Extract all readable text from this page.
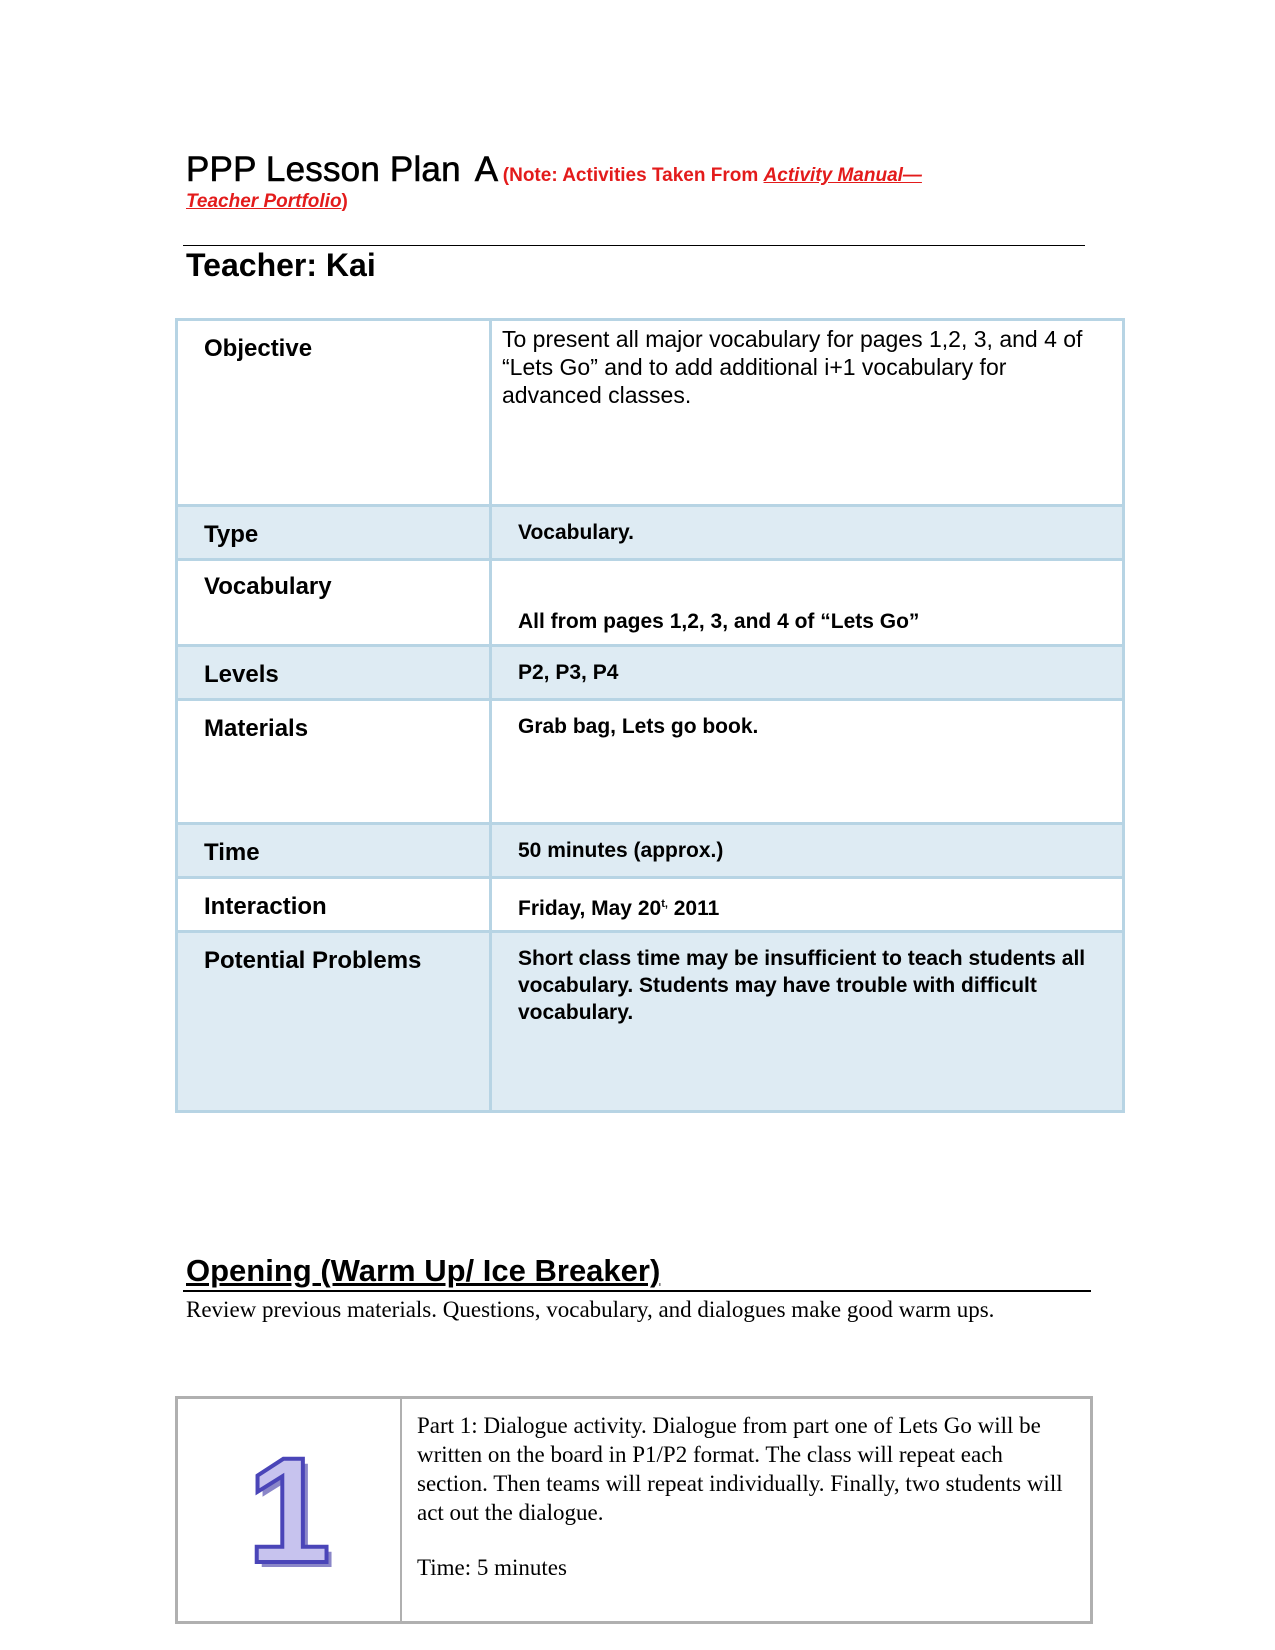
PPP Lesson Plan A (Note: Activities Taken From Activity Manual—
Teacher Portfolio)
Teacher: Kai
Objective	To present all major vocabulary for pages 1,2, 3, and 4 of “Lets Go” and to add additional i+1 vocabulary for advanced classes.
Type	Vocabulary.
Vocabulary	All from pages 1,2, 3, and 4 of “Lets Go”
Levels	P2, P3, P4
Materials	Grab bag, Lets go book.
Time	50 minutes (approx.)
Interaction	Friday, May $20^{t,}$ 2011
Potential Problems	Short class time may be insufficient to teach students all vocabulary. Students may have trouble with difficult vocabulary.
Opening (Warm Up/ Ice Breaker)
Review previous materials. Questions, vocabulary, and dialogues make good warm ups.
1	
Part 1: Dialogue activity. Dialogue from part one of Lets Go will be written on the board in P1/P2 format. The class will repeat each section. Then teams will repeat individually. Finally, two students will act out the dialogue.
Time: 5 minutes
